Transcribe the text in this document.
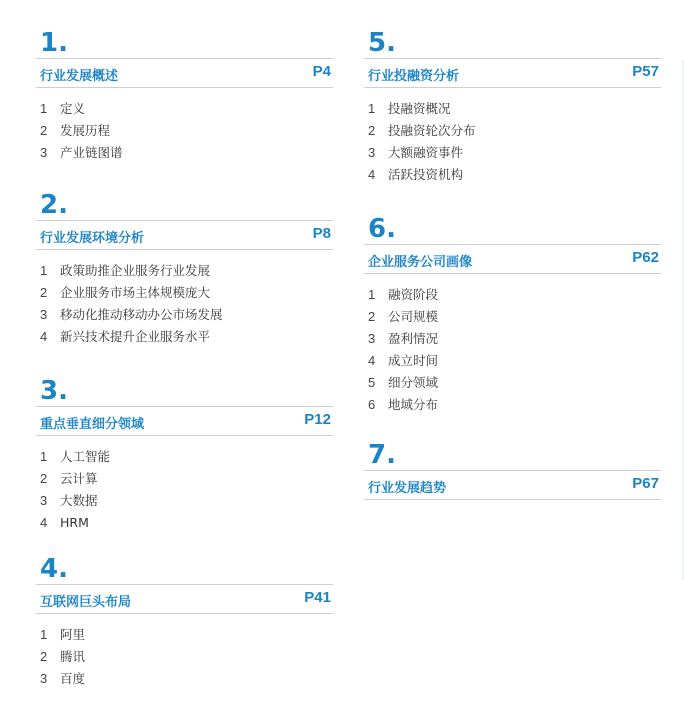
1.
行业发展概述	P4
1 定义
2 发展历程
3 产业链图谱
2.
行业发展环境分析	P8
1 政策助推企业服务行业发展
2 企业服务市场主体规模庞大
3 移动化推动移动办公市场发展
4 新兴技术提升企业服务水平
3.
重点垂直细分领域	P12
1 人工智能
2 云计算
3 大数据
4 HRM
4.
互联网巨头布局	P41
1 阿里
2 腾讯
3 百度
5.
行业投融资分析	P57
1 投融资概况
2 投融资轮次分布
3 大额融资事件
4 活跃投资机构
6.
企业服务公司画像	P62
1 融资阶段
2 公司规模
3 盈利情况
4 成立时间
5 细分领域
6 地域分布
7.
行业发展趋势	P67
